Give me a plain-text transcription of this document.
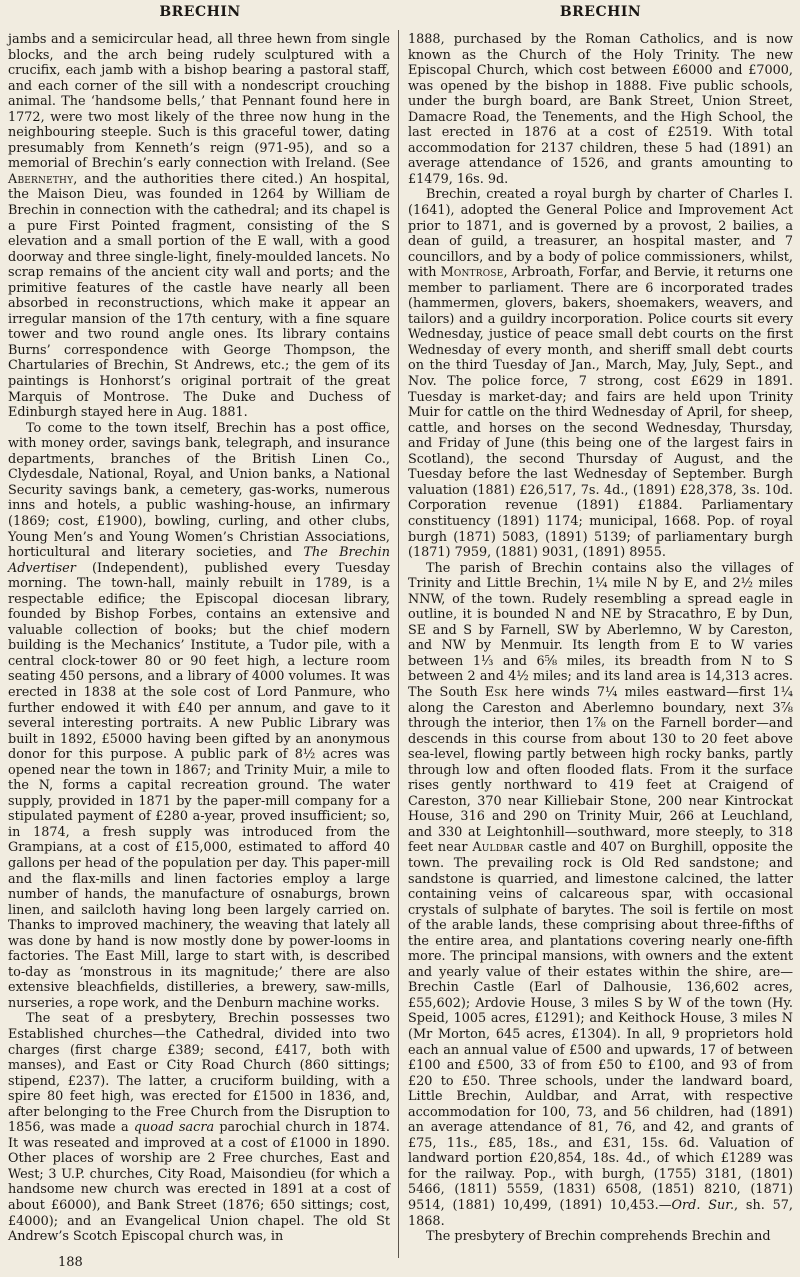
BRECHIN	BRECHIN

jambs and a semicircular head, all three hewn from single blocks, and the arch being rudely sculptured with a crucifix, each jamb with a bishop bearing a pastoral staff, and each corner of the sill with a nondescript crouching animal. The ‘handsome bells,’ that Pennant found here in 1772, were two most likely of the three now hung in the neighbouring steeple. Such is this graceful tower, dating presumably from Kenneth’s reign (971-95), and so a memorial of Brechin’s early connection with Ireland. (See Abernethy, and the authorities there cited.) An hospital, the Maison Dieu, was founded in 1264 by William de Brechin in connection with the cathedral; and its chapel is a pure First Pointed fragment, consisting of the S elevation and a small portion of the E wall, with a good doorway and three single-light, finely-moulded lancets. No scrap remains of the ancient city wall and ports; and the primitive features of the castle have nearly all been absorbed in reconstructions, which make it appear an irregular mansion of the 17th century, with a fine square tower and two round angle ones. Its library contains Burns’ correspondence with George Thompson, the Chartularies of Brechin, St Andrews, etc.; the gem of its paintings is Honhorst’s original portrait of the great Marquis of Montrose. The Duke and Duchess of Edinburgh stayed here in Aug. 1881.

To come to the town itself, Brechin has a post office, with money order, savings bank, telegraph, and insurance departments, branches of the British Linen Co., Clydesdale, National, Royal, and Union banks, a National Security savings bank, a cemetery, gas-works, numerous inns and hotels, a public washing-house, an infirmary (1869; cost, £1900), bowling, curling, and other clubs, Young Men’s and Young Women’s Christian Associations, horticultural and literary societies, and The Brechin Advertiser (Independent), published every Tuesday morning. The town-hall, mainly rebuilt in 1789, is a respectable edifice; the Episcopal diocesan library, founded by Bishop Forbes, contains an extensive and valuable collection of books; but the chief modern building is the Mechanics’ Institute, a Tudor pile, with a central clock-tower 80 or 90 feet high, a lecture room seating 450 persons, and a library of 4000 volumes. It was erected in 1838 at the sole cost of Lord Panmure, who further endowed it with £40 per annum, and gave to it several interesting portraits. A new Public Library was built in 1892, £5000 having been gifted by an anonymous donor for this purpose. A public park of 8½ acres was opened near the town in 1867; and Trinity Muir, a mile to the N, forms a capital recreation ground. The water supply, provided in 1871 by the paper-mill company for a stipulated payment of £280 a-year, proved insufficient; so, in 1874, a fresh supply was introduced from the Grampians, at a cost of £15,000, estimated to afford 40 gallons per head of the population per day. This paper-mill and the flax-mills and linen factories employ a large number of hands, the manufacture of osnaburgs, brown linen, and sailcloth having long been largely carried on. Thanks to improved machinery, the weaving that lately all was done by hand is now mostly done by power-looms in factories. The East Mill, large to start with, is described to-day as ‘monstrous in its magnitude;’ there are also extensive bleachfields, distilleries, a brewery, saw-mills, nurseries, a rope work, and the Denburn machine works.

The seat of a presbytery, Brechin possesses two Established churches—the Cathedral, divided into two charges (first charge £389; second, £417, both with manses), and East or City Road Church (860 sittings; stipend, £237). The latter, a cruciform building, with a spire 80 feet high, was erected for £1500 in 1836, and, after belonging to the Free Church from the Disruption to 1856, was made a quoad sacra parochial church in 1874. It was reseated and improved at a cost of £1000 in 1890. Other places of worship are 2 Free churches, East and West; 3 U.P. churches, City Road, Maisondieu (for which a handsome new church was erected in 1891 at a cost of about £6000), and Bank Street (1876; 650 sittings; cost, £4000); and an Evangelical Union chapel. The old St Andrew’s Scotch Episcopal church was, in

1888, purchased by the Roman Catholics, and is now known as the Church of the Holy Trinity. The new Episcopal Church, which cost between £6000 and £7000, was opened by the bishop in 1888. Five public schools, under the burgh board, are Bank Street, Union Street, Damacre Road, the Tenements, and the High School, the last erected in 1876 at a cost of £2519. With total accommodation for 2137 children, these 5 had (1891) an average attendance of 1526, and grants amounting to £1479, 16s. 9d.

Brechin, created a royal burgh by charter of Charles I. (1641), adopted the General Police and Improvement Act prior to 1871, and is governed by a provost, 2 bailies, a dean of guild, a treasurer, an hospital master, and 7 councillors, and by a body of police commissioners, whilst, with Montrose, Arbroath, Forfar, and Bervie, it returns one member to parliament. There are 6 incorporated trades (hammermen, glovers, bakers, shoemakers, weavers, and tailors) and a guildry incorporation. Police courts sit every Wednesday, justice of peace small debt courts on the first Wednesday of every month, and sheriff small debt courts on the third Tuesday of Jan., March, May, July, Sept., and Nov. The police force, 7 strong, cost £629 in 1891. Tuesday is market-day; and fairs are held upon Trinity Muir for cattle on the third Wednesday of April, for sheep, cattle, and horses on the second Wednesday, Thursday, and Friday of June (this being one of the largest fairs in Scotland), the second Thursday of August, and the Tuesday before the last Wednesday of September. Burgh valuation (1881) £26,517, 7s. 4d., (1891) £28,378, 3s. 10d. Corporation revenue (1891) £1884. Parliamentary constituency (1891) 1174; municipal, 1668. Pop. of royal burgh (1871) 5083, (1891) 5139; of parliamentary burgh (1871) 7959, (1881) 9031, (1891) 8955.

The parish of Brechin contains also the villages of Trinity and Little Brechin, 1¼ mile N by E, and 2½ miles NNW, of the town. Rudely resembling a spread eagle in outline, it is bounded N and NE by Stracathro, E by Dun, SE and S by Farnell, SW by Aberlemno, W by Careston, and NW by Menmuir. Its length from E to W varies between 1⅓ and 6⅝ miles, its breadth from N to S between 2 and 4½ miles; and its land area is 14,313 acres. The South Esk here winds 7¼ miles eastward—first 1¼ along the Careston and Aberlemno boundary, next 3⅞ through the interior, then 1⅞ on the Farnell border—and descends in this course from about 130 to 20 feet above sea-level, flowing partly between high rocky banks, partly through low and often flooded flats. From it the surface rises gently northward to 419 feet at Craigend of Careston, 370 near Killiebair Stone, 200 near Kintrockat House, 316 and 290 on Trinity Muir, 266 at Leuchland, and 330 at Leightonhill—southward, more steeply, to 318 feet near Auldbar castle and 407 on Burghill, opposite the town. The prevailing rock is Old Red sandstone; and sandstone is quarried, and limestone calcined, the latter containing veins of calcareous spar, with occasional crystals of sulphate of barytes. The soil is fertile on most of the arable lands, these comprising about three-fifths of the entire area, and plantations covering nearly one-fifth more. The principal mansions, with owners and the extent and yearly value of their estates within the shire, are—Brechin Castle (Earl of Dalhousie, 136,602 acres, £55,602); Ardovie House, 3 miles S by W of the town (Hy. Speid, 1005 acres, £1291); and Keithock House, 3 miles N (Mr Morton, 645 acres, £1304). In all, 9 proprietors hold each an annual value of £500 and upwards, 17 of between £100 and £500, 33 of from £50 to £100, and 93 of from £20 to £50. Three schools, under the landward board, Little Brechin, Auldbar, and Arrat, with respective accommodation for 100, 73, and 56 children, had (1891) an average attendance of 81, 76, and 42, and grants of £75, 11s., £85, 18s., and £31, 15s. 6d. Valuation of landward portion £20,854, 18s. 4d., of which £1289 was for the railway. Pop., with burgh, (1755) 3181, (1801) 5466, (1811) 5559, (1831) 6508, (1851) 8210, (1871) 9514, (1881) 10,499, (1891) 10,453.—Ord. Sur., sh. 57, 1868.

The presbytery of Brechin comprehends Brechin and

188
